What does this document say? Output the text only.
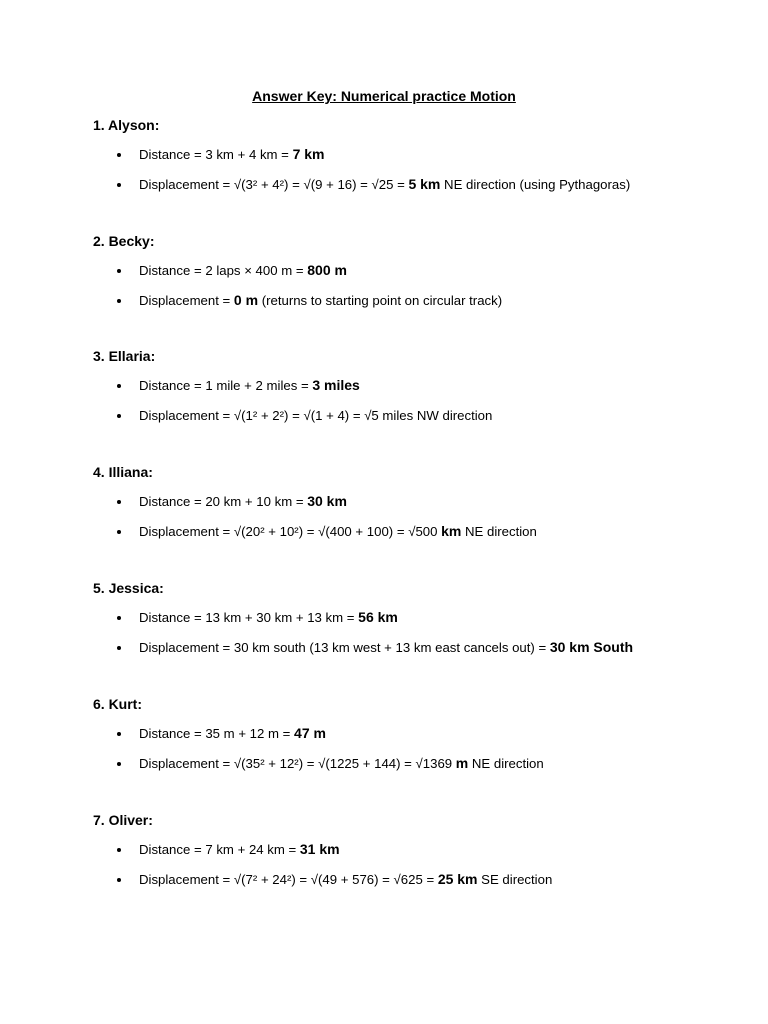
Answer Key: Numerical practice Motion
1. Alyson:
Distance = 3 km + 4 km = 7 km
Displacement = √(3² + 4²) = √(9 + 16) = √25 = 5 km NE direction (using Pythagoras)
2. Becky:
Distance = 2 laps × 400 m = 800 m
Displacement = 0 m (returns to starting point on circular track)
3. Ellaria:
Distance = 1 mile + 2 miles = 3 miles
Displacement = √(1² + 2²) = √(1 + 4) = √5 miles NW direction
4. Illiana:
Distance = 20 km + 10 km = 30 km
Displacement = √(20² + 10²) = √(400 + 100) = √500 km NE direction
5. Jessica:
Distance = 13 km + 30 km + 13 km = 56 km
Displacement = 30 km south (13 km west + 13 km east cancels out) = 30 km South
6. Kurt:
Distance = 35 m + 12 m = 47 m
Displacement = √(35² + 12²) = √(1225 + 144) = √1369 m NE direction
7. Oliver:
Distance = 7 km + 24 km = 31 km
Displacement = √(7² + 24²) = √(49 + 576) = √625 = 25 km SE direction
